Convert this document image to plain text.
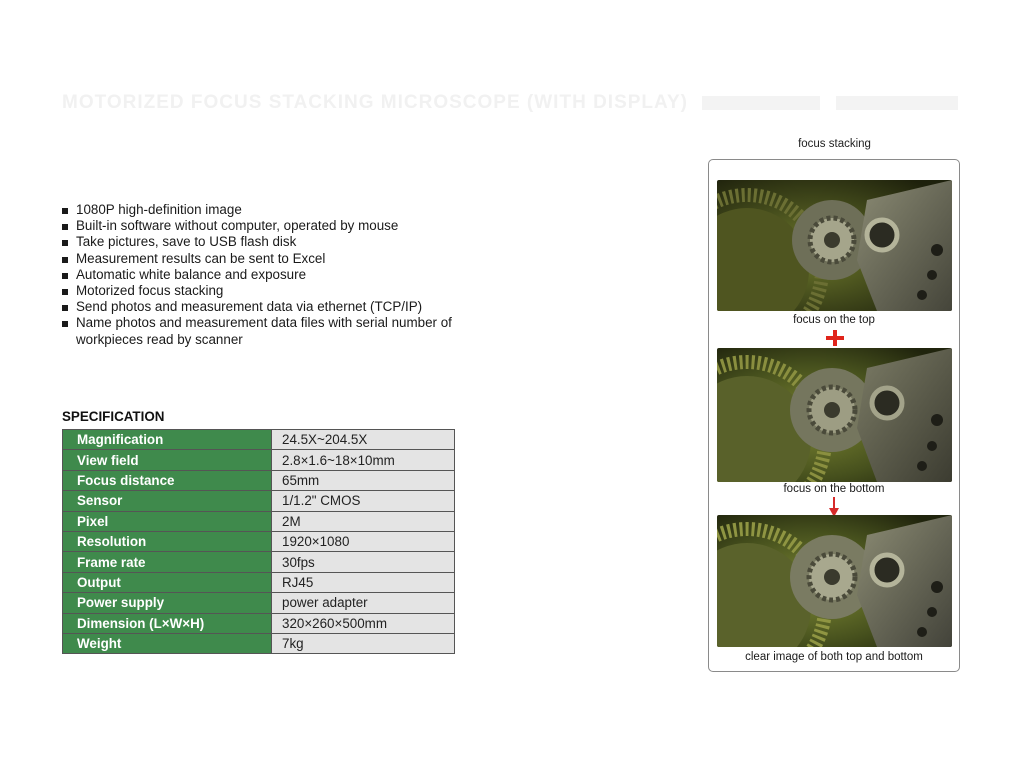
MOTORIZED FOCUS STACKING MICROSCOPE (WITH DISPLAY)
1080P high-definition image
Built-in software without computer, operated by mouse
Take pictures, save to USB flash disk
Measurement results can be sent to Excel
Automatic white balance and exposure
Motorized focus stacking
Send photos and measurement data via ethernet (TCP/IP)
Name photos and measurement data files with serial number of workpieces read by scanner
SPECIFICATION
Magnification	24.5X~204.5X
View field	2.8×1.6~18×10mm
Focus distance	65mm
Sensor	1/1.2" CMOS
Pixel	2M
Resolution	1920×1080
Frame rate	30fps
Output	RJ45
Power supply	power adapter
Dimension (L×W×H)	320×260×500mm
Weight	7kg
focus stacking
focus on the top
focus on the bottom
clear image of both top and bottom
